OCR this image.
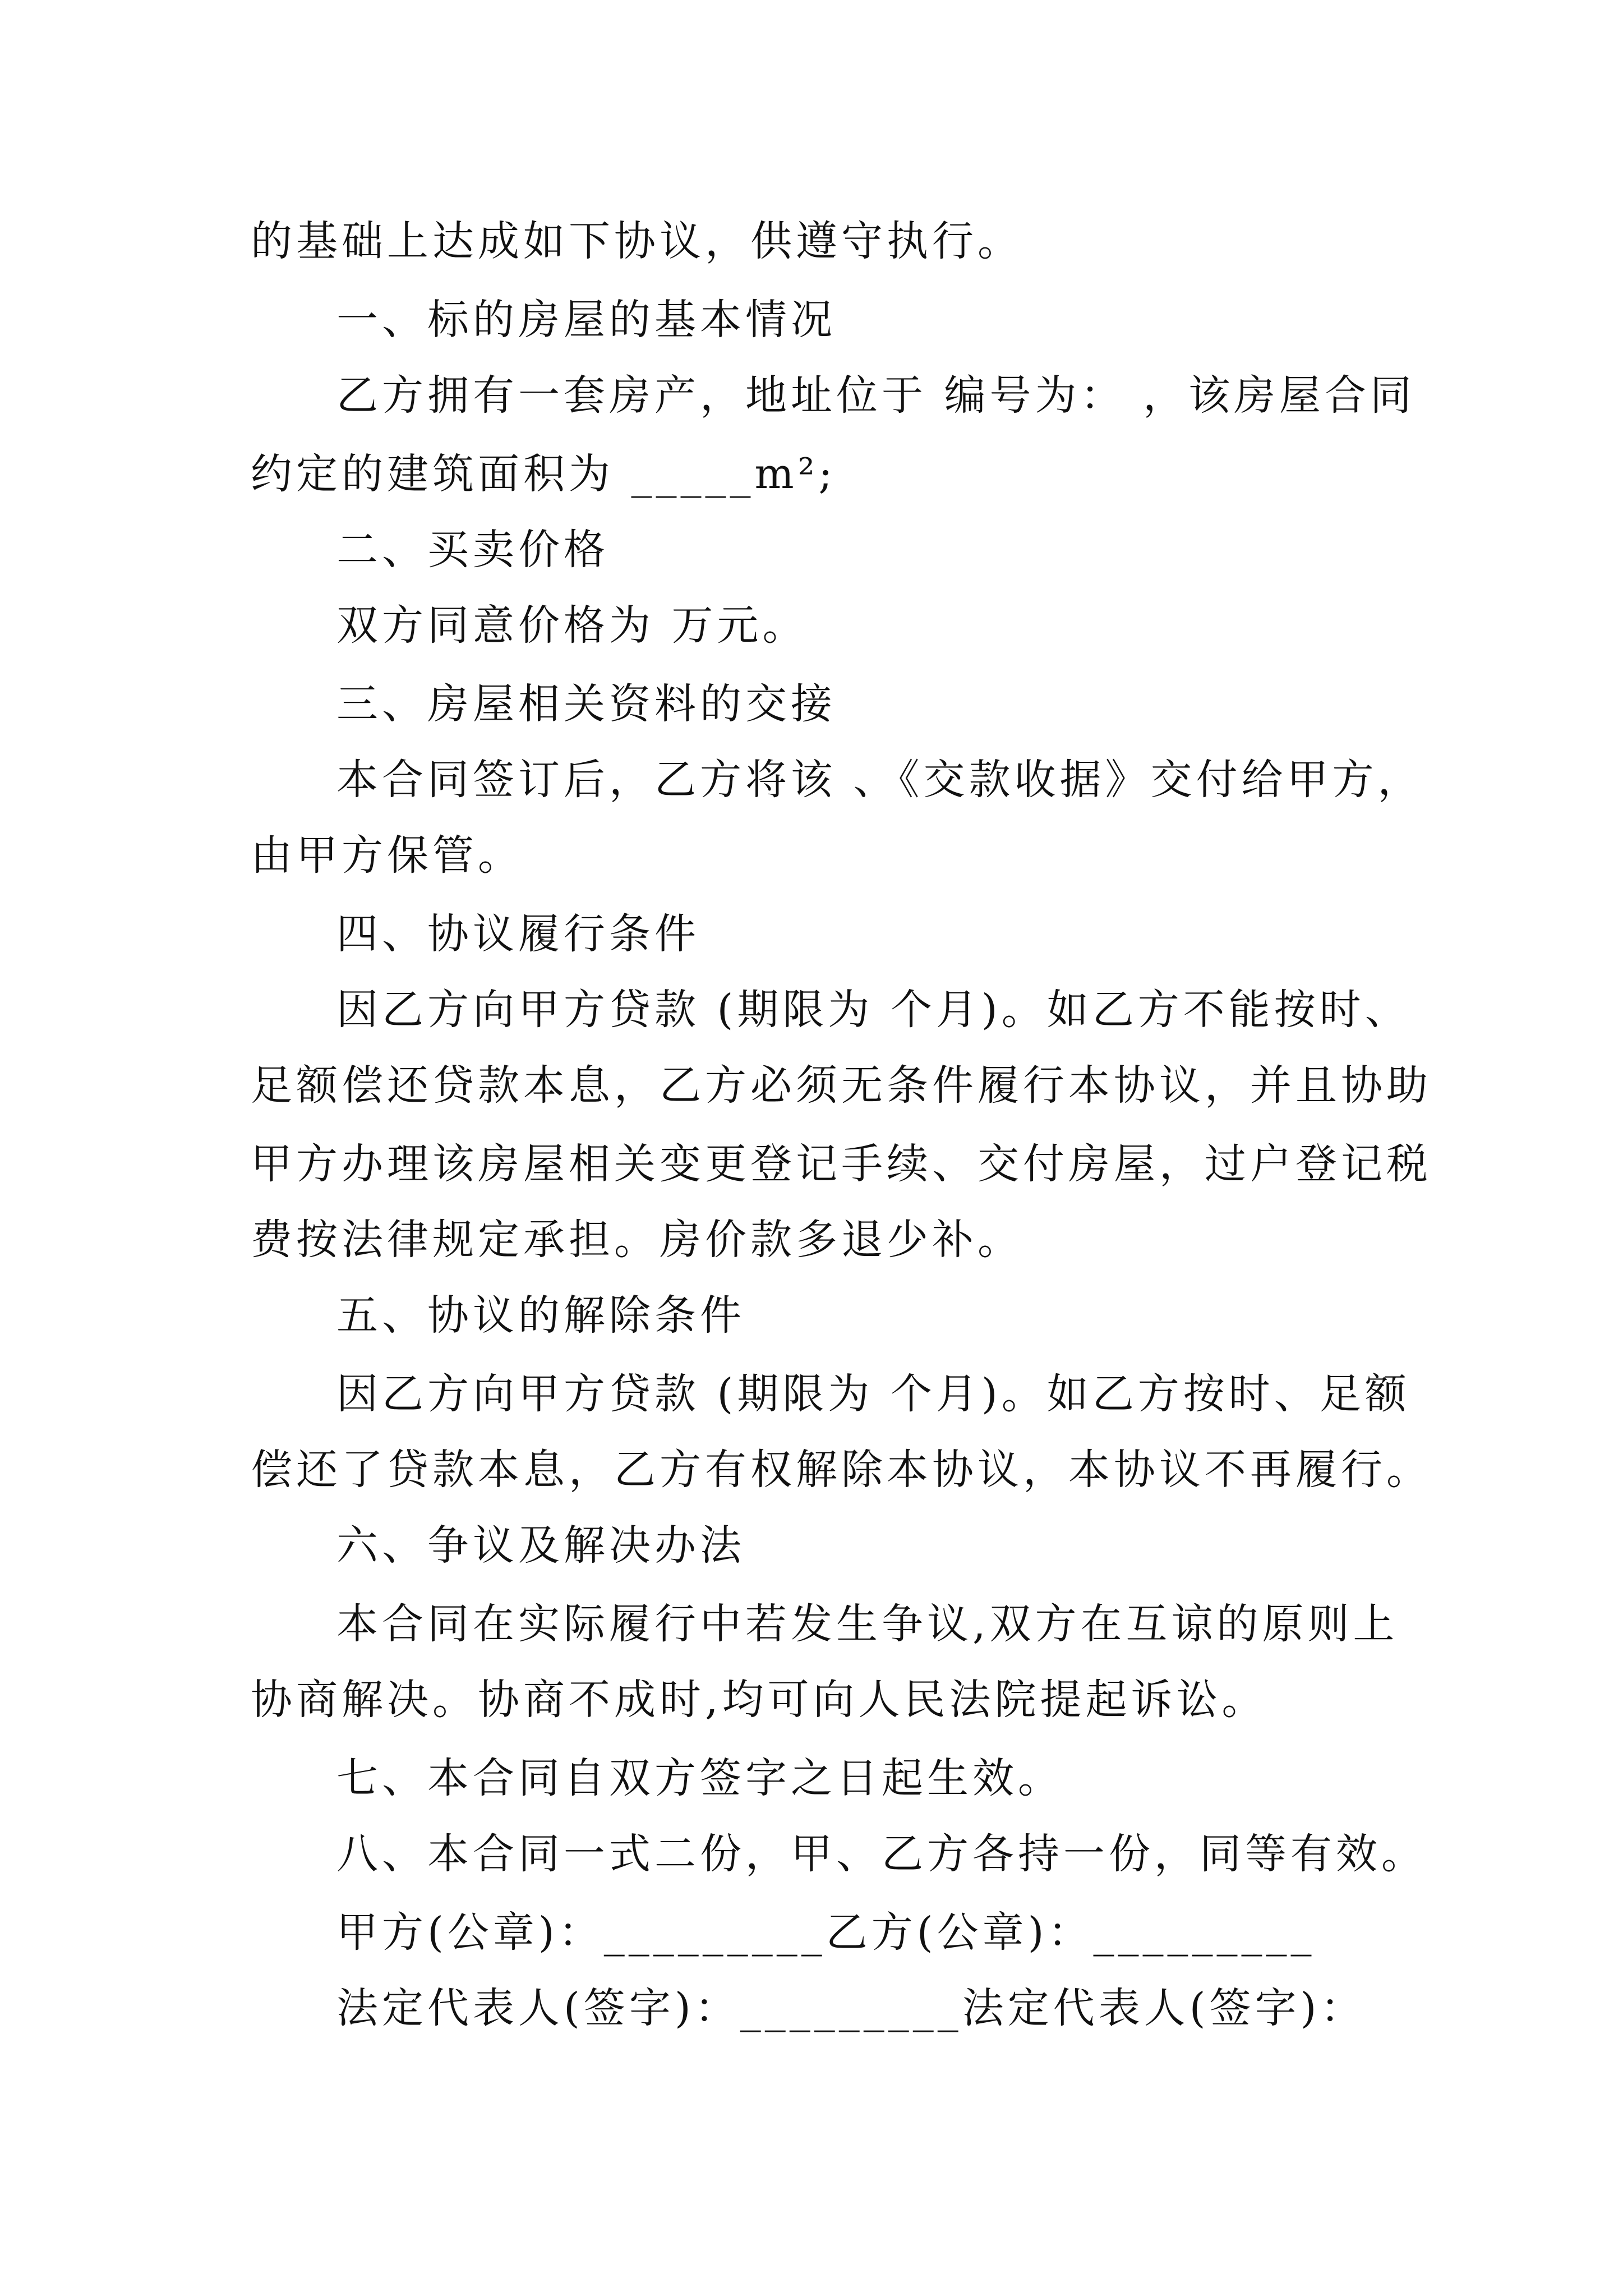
的基础上达成如下协议，供遵守执行。
一、标的房屋的基本情况
乙方拥有一套房产，地址位于 编号为： ，该房屋合同
约定的建筑面积为 _____m²;
二、买卖价格
双方同意价格为 万元。
三、房屋相关资料的交接
本合同签订后，乙方将该 、《交款收据》交付给甲方，
由甲方保管。
四、协议履行条件
因乙方向甲方贷款 (期限为 个月)。如乙方不能按时、
足额偿还贷款本息，乙方必须无条件履行本协议，并且协助
甲方办理该房屋相关变更登记手续、交付房屋，过户登记税
费按法律规定承担。房价款多退少补。
五、协议的解除条件
因乙方向甲方贷款 (期限为 个月)。如乙方按时、足额
偿还了贷款本息，乙方有权解除本协议，本协议不再履行。
六、争议及解决办法
本合同在实际履行中若发生争议,双方在互谅的原则上
协商解决。协商不成时,均可向人民法院提起诉讼。
七、本合同自双方签字之日起生效。
八、本合同一式二份，甲、乙方各持一份，同等有效。
甲方(公章)：_________乙方(公章)：_________
法定代表人(签字)：_________法定代表人(签字)：
